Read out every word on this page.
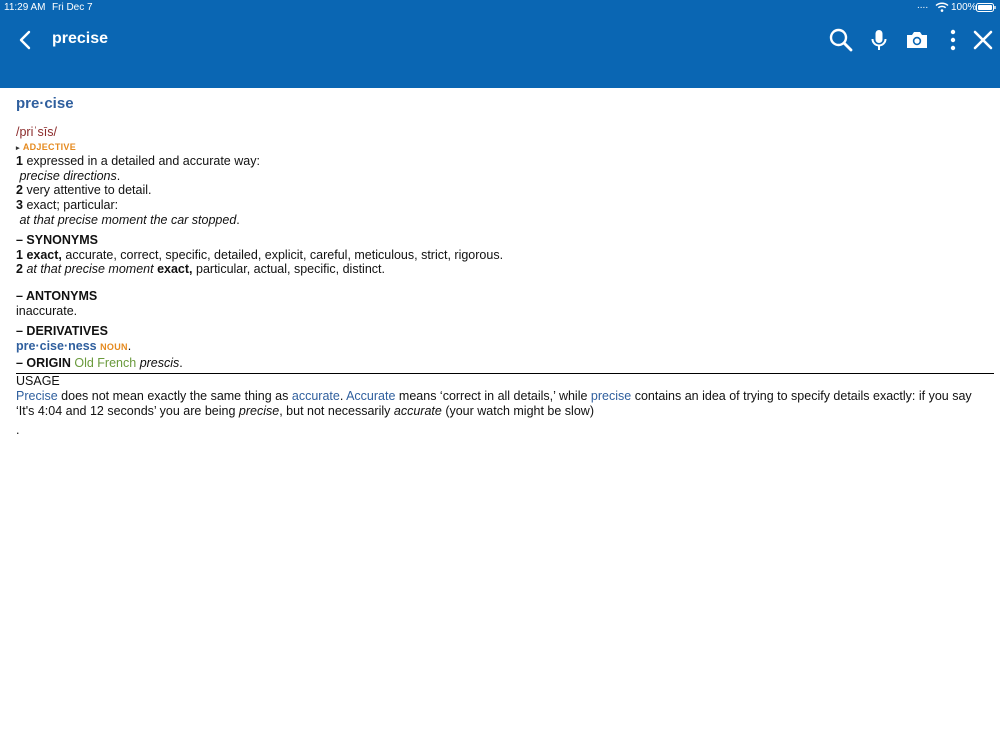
11:29 AM Fri Dec 7	.... 100%
precise
pre·cise
/priˈsīs/
▸ ADJECTIVE
1 expressed in a detailed and accurate way:
precise directions.
2 very attentive to detail.
3 exact; particular:
at that precise moment the car stopped.
– SYNONYMS
1 exact, accurate, correct, specific, detailed, explicit, careful, meticulous, strict, rigorous.
2 at that precise moment exact, particular, actual, specific, distinct.
– ANTONYMS
inaccurate.
– DERIVATIVES
pre·cise·ness NOUN.
– ORIGIN Old French prescis.
USAGE
Precise does not mean exactly the same thing as accurate. Accurate means ‘correct in all details,’ while precise contains an idea of trying to specify details exactly: if you say ‘It's 4:04 and 12 seconds’ you are being precise, but not necessarily accurate (your watch might be slow)
.
